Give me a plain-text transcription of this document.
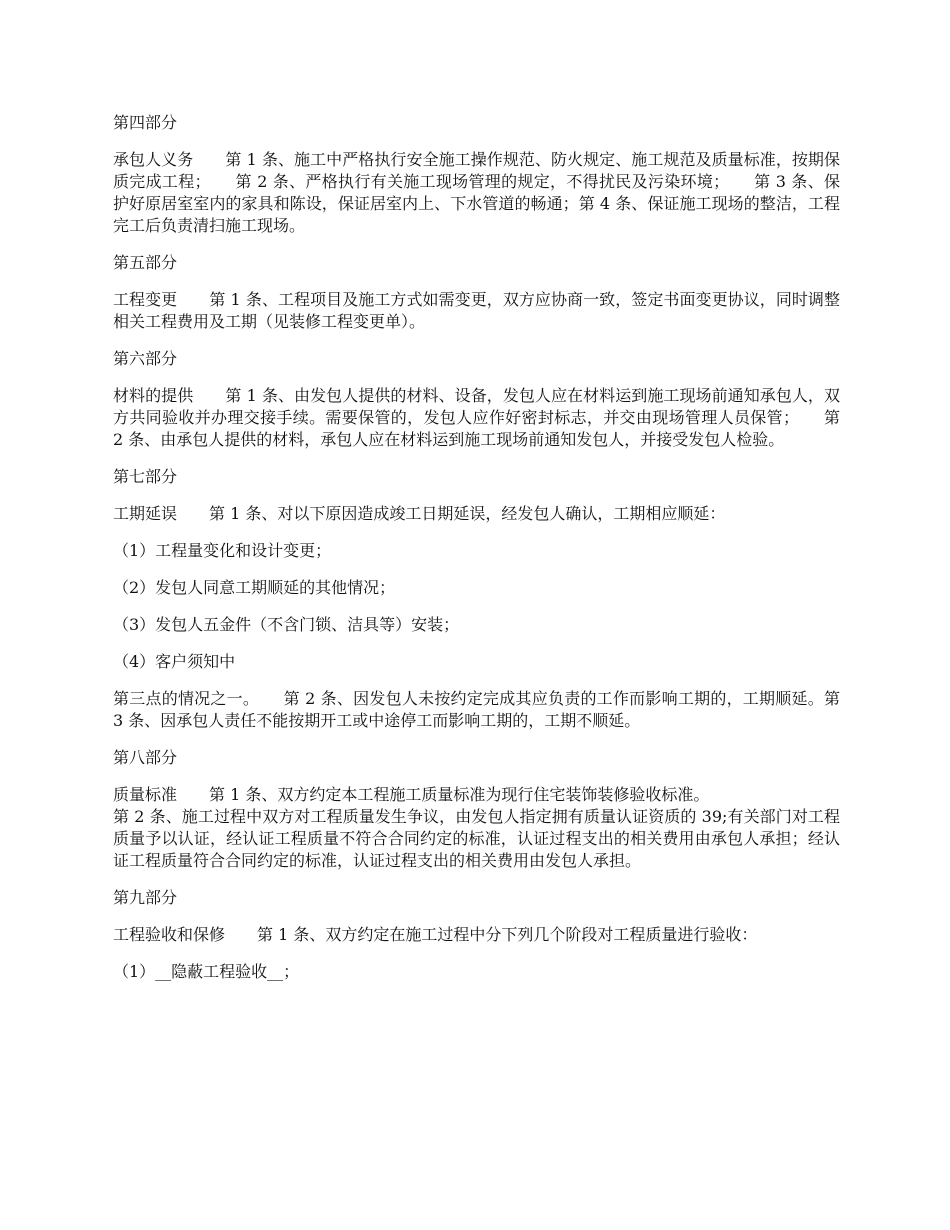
第四部分

承包人义务　　第 1 条、施工中严格执行安全施工操作规范、防火规定、施工规范及质量标准，按期保质完成工程；　　第 2 条、严格执行有关施工现场管理的规定，不得扰民及污染环境；　　第 3 条、保护好原居室室内的家具和陈设，保证居室内上、下水管道的畅通；第 4 条、保证施工现场的整洁，工程完工后负责清扫施工现场。

第五部分

工程变更　　第 1 条、工程项目及施工方式如需变更，双方应协商一致，签定书面变更协议，同时调整相关工程费用及工期（见装修工程变更单）。

第六部分

材料的提供　　第 1 条、由发包人提供的材料、设备，发包人应在材料运到施工现场前通知承包人，双方共同验收并办理交接手续。需要保管的，发包人应作好密封标志，并交由现场管理人员保管；　　第 2 条、由承包人提供的材料，承包人应在材料运到施工现场前通知发包人，并接受发包人检验。

第七部分

工期延误　　第 1 条、对以下原因造成竣工日期延误，经发包人确认，工期相应顺延：

（1）工程量变化和设计变更；

（2）发包人同意工期顺延的其他情况；

（3）发包人五金件（不含门锁、洁具等）安装；

（4）客户须知中

第三点的情况之一。　　第 2 条、因发包人未按约定完成其应负责的工作而影响工期的，工期顺延。第 3 条、因承包人责任不能按期开工或中途停工而影响工期的，工期不顺延。

第八部分

质量标准　　第 1 条、双方约定本工程施工质量标准为现行住宅装饰装修验收标准。

第 2 条、施工过程中双方对工程质量发生争议，由发包人指定拥有质量认证资质的 39;有关部门对工程质量予以认证，经认证工程质量不符合合同约定的标准，认证过程支出的相关费用由承包人承担；经认证工程质量符合合同约定的标准，认证过程支出的相关费用由发包人承担。

第九部分

工程验收和保修　　第 1 条、双方约定在施工过程中分下列几个阶段对工程质量进行验收：

（1）__隐蔽工程验收__；
